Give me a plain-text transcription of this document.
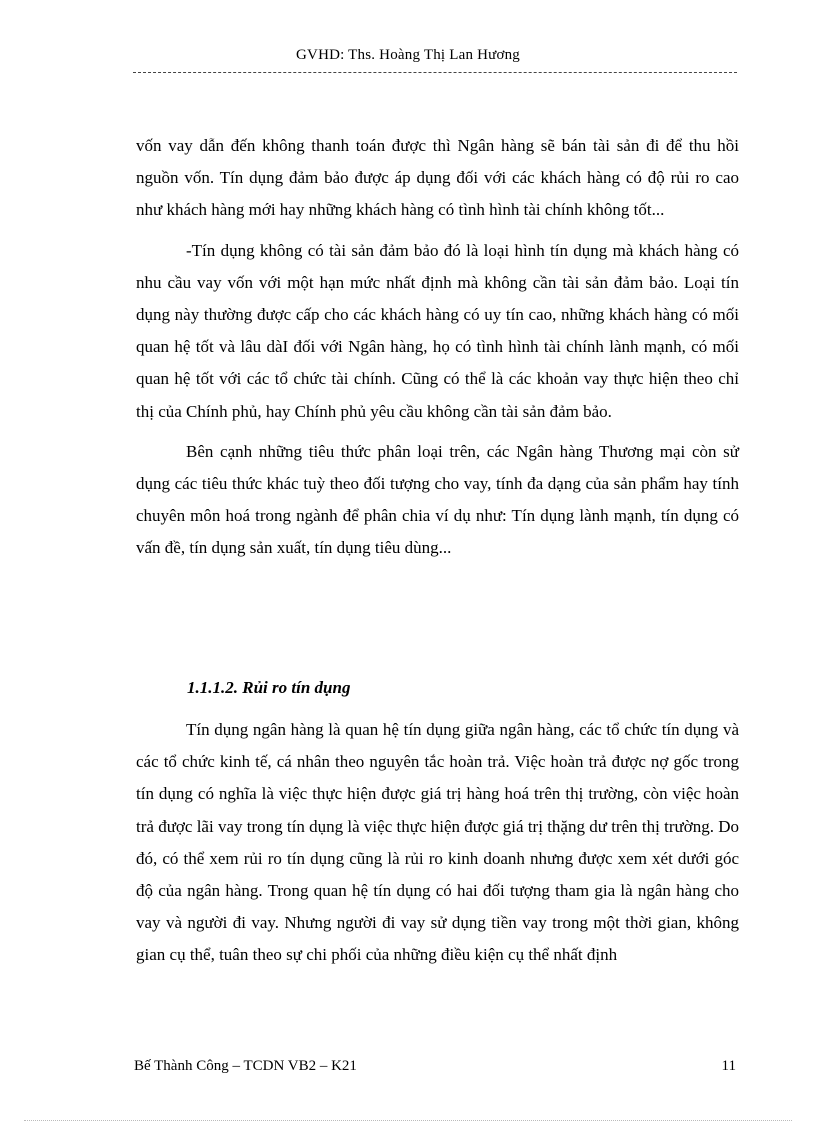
GVHD: Ths. Hoàng Thị Lan Hương

vốn vay dẫn đến không thanh toán được thì Ngân hàng sẽ bán tài sản đi để thu hồi nguồn vốn. Tín dụng đảm bảo được áp dụng đối với các khách hàng có độ rủi ro cao như khách hàng mới hay những khách hàng có tình hình tài chính không tốt...

-Tín dụng không có tài sản đảm bảo đó là loại hình tín dụng mà khách hàng có nhu cầu vay vốn với một hạn mức nhất định mà không cần tài sản đảm bảo. Loại tín dụng này thường được cấp cho các khách hàng có uy tín cao, những khách hàng có mối quan hệ tốt và lâu dàI đối với Ngân hàng, họ có tình hình tài chính lành mạnh, có mối quan hệ tốt với các tổ chức tài chính. Cũng có thể là các khoản vay thực hiện theo chỉ thị của Chính phủ, hay Chính phủ yêu cầu không cần tài sản đảm bảo.

Bên cạnh những tiêu thức phân loại trên, các Ngân hàng Thương mại còn sử dụng các tiêu thức khác tuỳ theo đối tượng cho vay, tính đa dạng của sản phẩm hay tính chuyên môn hoá trong ngành để phân chia ví dụ như: Tín dụng lành mạnh, tín dụng có vấn đề, tín dụng sản xuất, tín dụng tiêu dùng...

1.1.1.2. Rủi ro tín dụng

Tín dụng ngân hàng là quan hệ tín dụng giữa ngân hàng, các tổ chức tín dụng và các tổ chức kinh tế, cá nhân theo nguyên tắc hoàn trả. Việc hoàn trả được nợ gốc trong tín dụng có nghĩa là việc thực hiện được giá trị hàng hoá trên thị trường, còn việc hoàn trả được lãi vay trong tín dụng là việc thực hiện được giá trị thặng dư trên thị trường. Do đó, có thể xem rủi ro tín dụng cũng là rủi ro kinh doanh nhưng được xem xét dưới góc độ của ngân hàng. Trong quan hệ tín dụng có hai đối tượng tham gia là ngân hàng cho vay và người đi vay. Nhưng người đi vay sử dụng tiền vay trong một thời gian, không gian cụ thể, tuân theo sự chi phối của những điều kiện cụ thể nhất định

Bế Thành Công – TCDN VB2 – K21	11
